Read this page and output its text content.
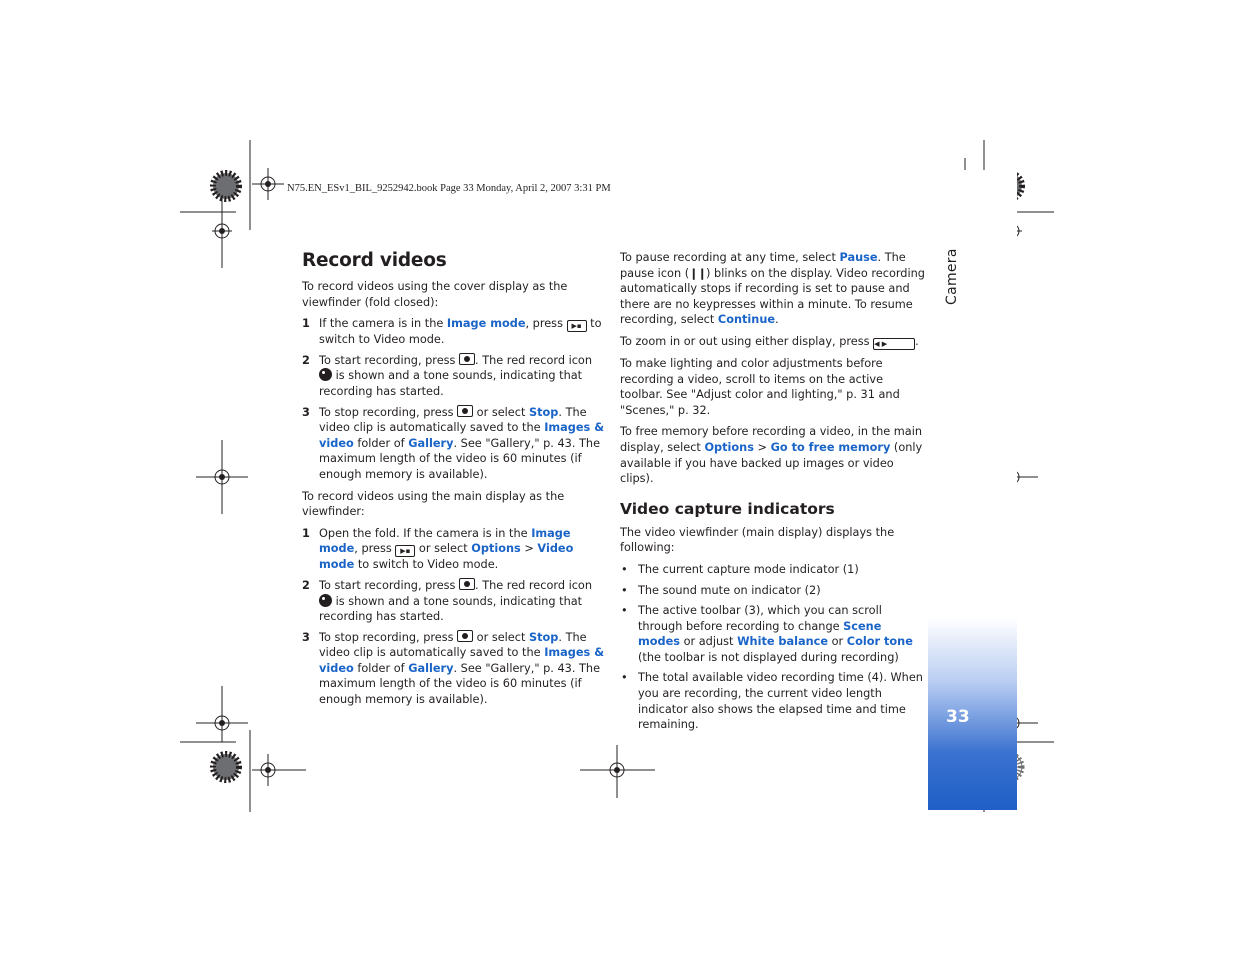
N75.EN_ESv1_BIL_9252942.book Page 33 Monday, April 2, 2007 3:31 PM
Camera
33
Record videos

To record videos using the cover display as the viewfinder (fold closed):

1 If the camera is in the Image mode, press ▶▪ to switch to Video mode.
2 To start recording, press . The red record icon  is shown and a tone sounds, indicating that recording has started.
3 To stop recording, press  or select Stop. The video clip is automatically saved to the Images & video folder of Gallery. See "Gallery," p. 43. The maximum length of the video is 60 minutes (if enough memory is available).

To record videos using the main display as the viewfinder:

1 Open the fold. If the camera is in the Image mode, press ▶▪ or select Options > Video mode to switch to Video mode.
2 To start recording, press . The red record icon  is shown and a tone sounds, indicating that recording has started.
3 To stop recording, press  or select Stop. The video clip is automatically saved to the Images & video folder of Gallery. See "Gallery," p. 43. The maximum length of the video is 60 minutes (if enough memory is available).

To pause recording at any time, select Pause. The pause icon (❙❙) blinks on the display. Video recording automatically stops if recording is set to pause and there are no keypresses within a minute. To resume recording, select Continue.

To zoom in or out using either display, press ◀ ▶ .

To make lighting and color adjustments before recording a video, scroll to items on the active toolbar. See "Adjust color and lighting," p. 31 and "Scenes," p. 32.

To free memory before recording a video, in the main display, select Options > Go to free memory (only available if you have backed up images or video clips).

Video capture indicators

The video viewfinder (main display) displays the following:

• The current capture mode indicator (1)
• The sound mute on indicator (2)
• The active toolbar (3), which you can scroll through before recording to change Scene modes or adjust White balance or Color tone (the toolbar is not displayed during recording)
• The total available video recording time (4). When you are recording, the current video length indicator also shows the elapsed time and time remaining.
